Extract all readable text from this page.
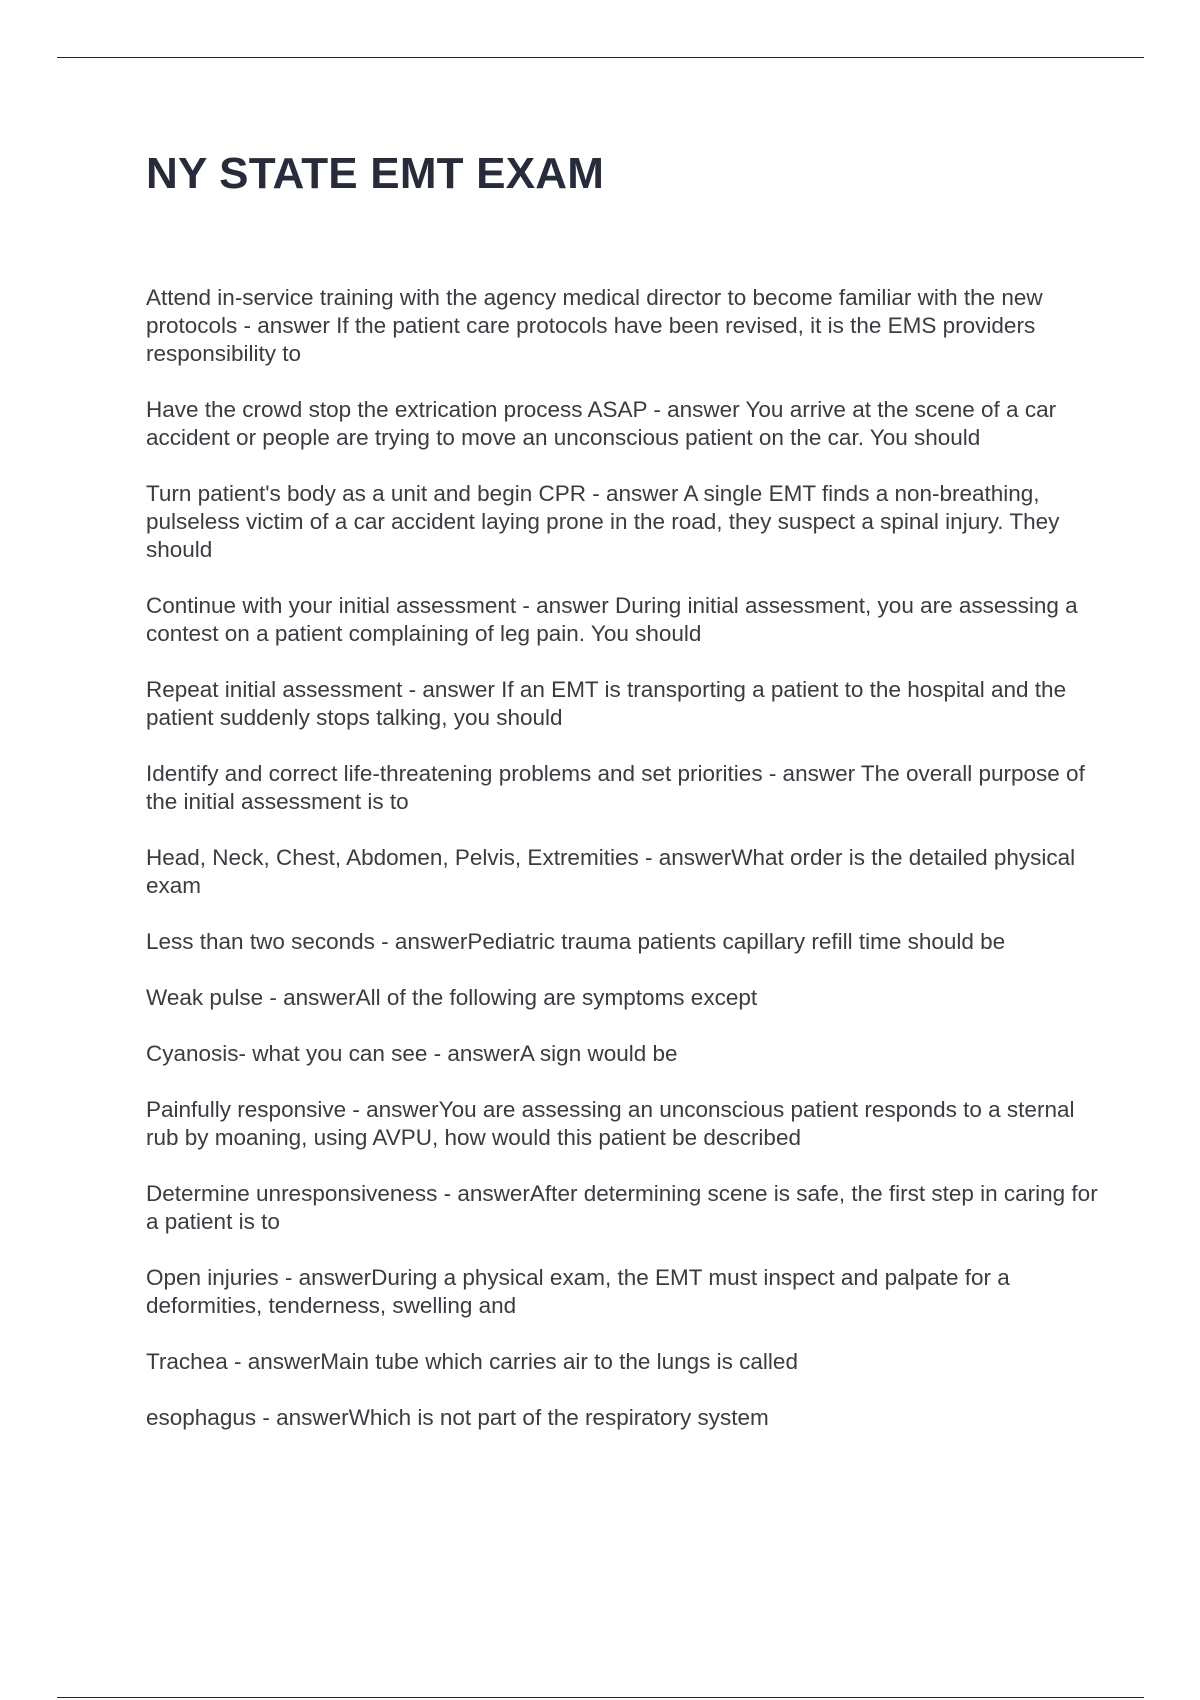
NY STATE EMT EXAM
Attend in-service training with the agency medical director to become familiar with the new protocols - answer If the patient care protocols have been revised, it is the EMS providers responsibility to
Have the crowd stop the extrication process ASAP - answer You arrive at the scene of a car accident or people are trying to move an unconscious patient on the car. You should
Turn patient's body as a unit and begin CPR - answer A single EMT finds a non-breathing, pulseless victim of a car accident laying prone in the road, they suspect a spinal injury. They should
Continue with your initial assessment - answer During initial assessment, you are assessing a contest on a patient complaining of leg pain. You should
Repeat initial assessment - answer If an EMT is transporting a patient to the hospital and the patient suddenly stops talking, you should
Identify and correct life-threatening problems and set priorities - answer The overall purpose of the initial assessment is to
Head, Neck, Chest, Abdomen, Pelvis, Extremities - answerWhat order is the detailed physical exam
Less than two seconds - answerPediatric trauma patients capillary refill time should be
Weak pulse - answerAll of the following are symptoms except
Cyanosis- what you can see - answerA sign would be
Painfully responsive - answerYou are assessing an unconscious patient responds to a sternal rub by moaning, using AVPU, how would this patient be described
Determine unresponsiveness - answerAfter determining scene is safe, the first step in caring for a patient is to
Open injuries - answerDuring a physical exam, the EMT must inspect and palpate for a deformities, tenderness, swelling and
Trachea - answerMain tube which carries air to the lungs is called
esophagus - answerWhich is not part of the respiratory system
